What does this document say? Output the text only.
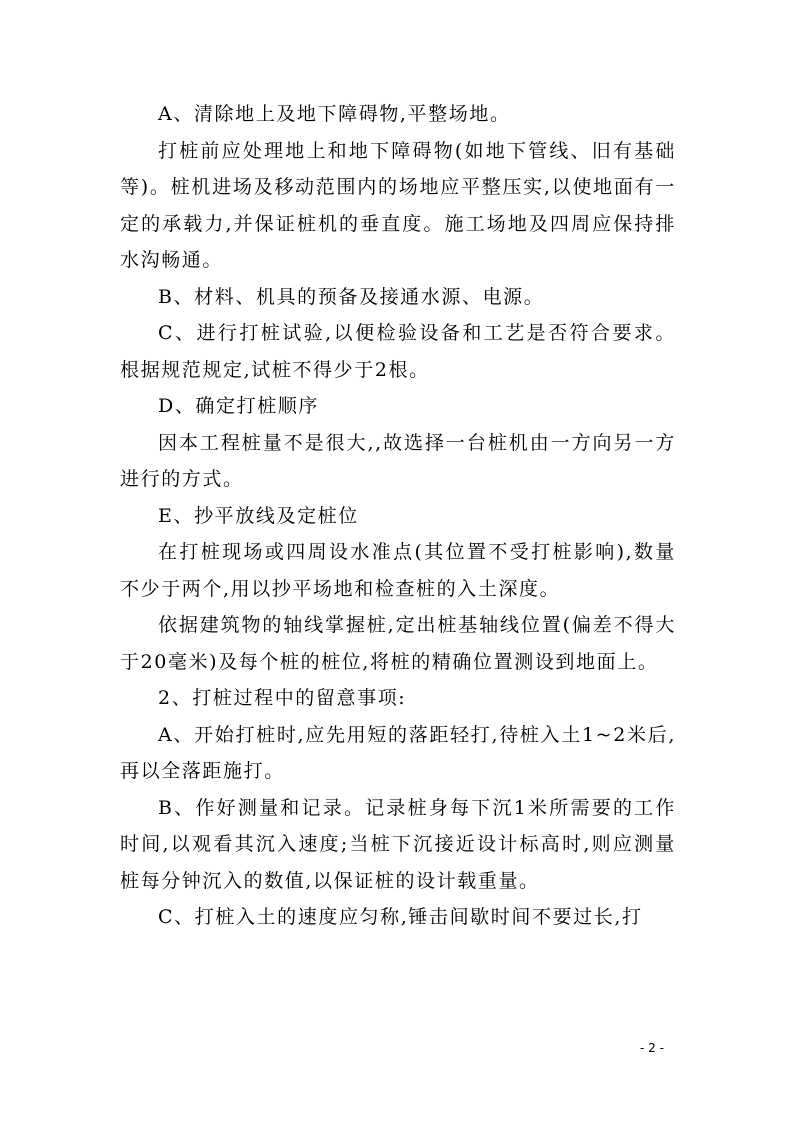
A、清除地上及地下障碍物,平整场地。

打桩前应处理地上和地下障碍物(如地下管线、旧有基础等)。桩机进场及移动范围内的场地应平整压实,以使地面有一定的承载力,并保证桩机的垂直度。施工场地及四周应保持排水沟畅通。

B、材料、机具的预备及接通水源、电源。

C、进行打桩试验,以便检验设备和工艺是否符合要求。根据规范规定,试桩不得少于2根。

D、确定打桩顺序

因本工程桩量不是很大,,故选择一台桩机由一方向另一方进行的方式。

E、抄平放线及定桩位

在打桩现场或四周设水准点(其位置不受打桩影响),数量不少于两个,用以抄平场地和检查桩的入土深度。

依据建筑物的轴线掌握桩,定出桩基轴线位置(偏差不得大于20毫米)及每个桩的桩位,将桩的精确位置测设到地面上。

2、打桩过程中的留意事项:

A、开始打桩时,应先用短的落距轻打,待桩入土1~2米后,再以全落距施打。

B、作好测量和记录。记录桩身每下沉1米所需要的工作时间,以观看其沉入速度;当桩下沉接近设计标高时,则应测量桩每分钟沉入的数值,以保证桩的设计载重量。

C、打桩入土的速度应匀称,锤击间歇时间不要过长,打

- 2 -
